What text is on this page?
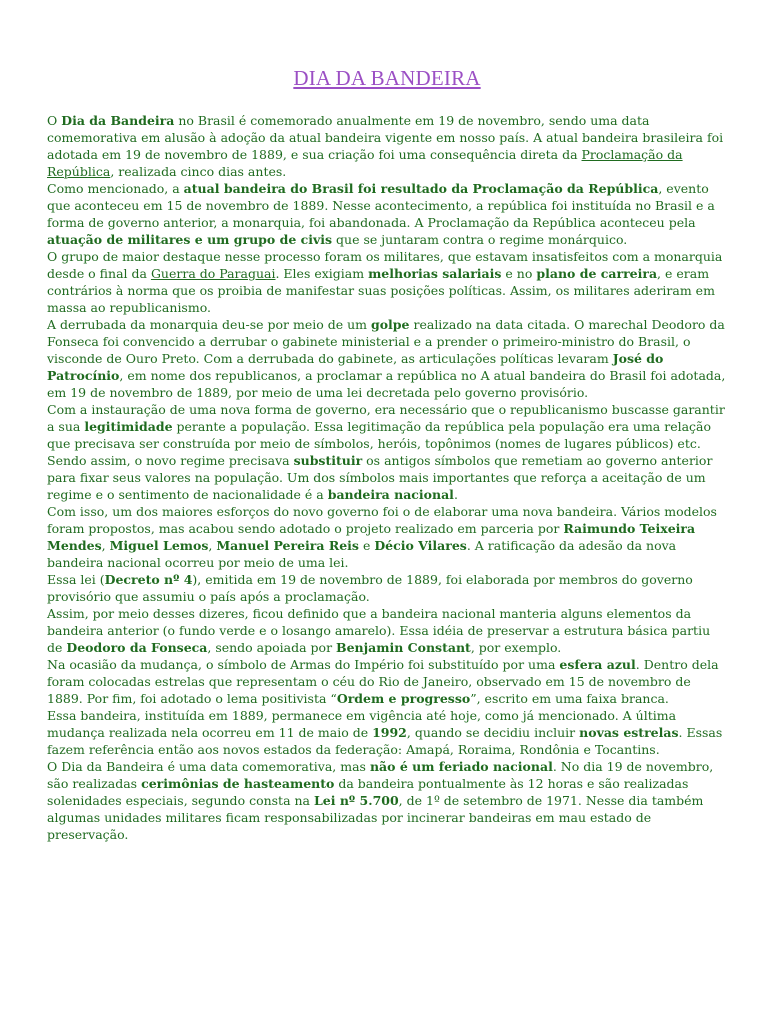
DIA DA BANDEIRA

O Dia da Bandeira no Brasil é comemorado anualmente em 19 de novembro, sendo uma data comemorativa em alusão à adoção da atual bandeira vigente em nosso país. A atual bandeira brasileira foi adotada em 19 de novembro de 1889, e sua criação foi uma consequência direta da Proclamação da República, realizada cinco dias antes.

Como mencionado, a atual bandeira do Brasil foi resultado da Proclamação da República, evento que aconteceu em 15 de novembro de 1889. Nesse acontecimento, a república foi instituída no Brasil e a forma de governo anterior, a monarquia, foi abandonada. A Proclamação da República aconteceu pela atuação de militares e um grupo de civis que se juntaram contra o regime monárquico.

O grupo de maior destaque nesse processo foram os militares, que estavam insatisfeitos com a monarquia desde o final da Guerra do Paraguai. Eles exigiam melhorias salariais e no plano de carreira, e eram contrários à norma que os proibia de manifestar suas posições políticas. Assim, os militares aderiram em massa ao republicanismo.

A derrubada da monarquia deu-se por meio de um golpe realizado na data citada. O marechal Deodoro da Fonseca foi convencido a derrubar o gabinete ministerial e a prender o primeiro-ministro do Brasil, o visconde de Ouro Preto. Com a derrubada do gabinete, as articulações políticas levaram José do Patrocínio, em nome dos republicanos, a proclamar a república no A atual bandeira do Brasil foi adotada, em 19 de novembro de 1889, por meio de uma lei decretada pelo governo provisório.

Com a instauração de uma nova forma de governo, era necessário que o republicanismo buscasse garantir a sua legitimidade perante a população. Essa legitimação da república pela população era uma relação que precisava ser construída por meio de símbolos, heróis, topônimos (nomes de lugares públicos) etc.

Sendo assim, o novo regime precisava substituir os antigos símbolos que remetiam ao governo anterior para fixar seus valores na população. Um dos símbolos mais importantes que reforça a aceitação de um regime e o sentimento de nacionalidade é a bandeira nacional.

Com isso, um dos maiores esforços do novo governo foi o de elaborar uma nova bandeira. Vários modelos foram propostos, mas acabou sendo adotado o projeto realizado em parceria por Raimundo Teixeira Mendes, Miguel Lemos, Manuel Pereira Reis e Décio Vilares. A ratificação da adesão da nova bandeira nacional ocorreu por meio de uma lei.

Essa lei (Decreto nº 4), emitida em 19 de novembro de 1889, foi elaborada por membros do governo provisório que assumiu o país após a proclamação.

Assim, por meio desses dizeres, ficou definido que a bandeira nacional manteria alguns elementos da bandeira anterior (o fundo verde e o losango amarelo). Essa idéia de preservar a estrutura básica partiu de Deodoro da Fonseca, sendo apoiada por Benjamin Constant, por exemplo.

Na ocasião da mudança, o símbolo de Armas do Império foi substituído por uma esfera azul. Dentro dela foram colocadas estrelas que representam o céu do Rio de Janeiro, observado em 15 de novembro de 1889. Por fim, foi adotado o lema positivista “Ordem e progresso”, escrito em uma faixa branca.

Essa bandeira, instituída em 1889, permanece em vigência até hoje, como já mencionado. A última mudança realizada nela ocorreu em 11 de maio de 1992, quando se decidiu incluir novas estrelas. Essas fazem referência então aos novos estados da federação: Amapá, Roraima, Rondônia e Tocantins.

O Dia da Bandeira é uma data comemorativa, mas não é um feriado nacional. No dia 19 de novembro, são realizadas cerimônias de hasteamento da bandeira pontualmente às 12 horas e são realizadas solenidades especiais, segundo consta na Lei nº 5.700, de 1º de setembro de 1971. Nesse dia também algumas unidades militares ficam responsabilizadas por incinerar bandeiras em mau estado de preservação.
